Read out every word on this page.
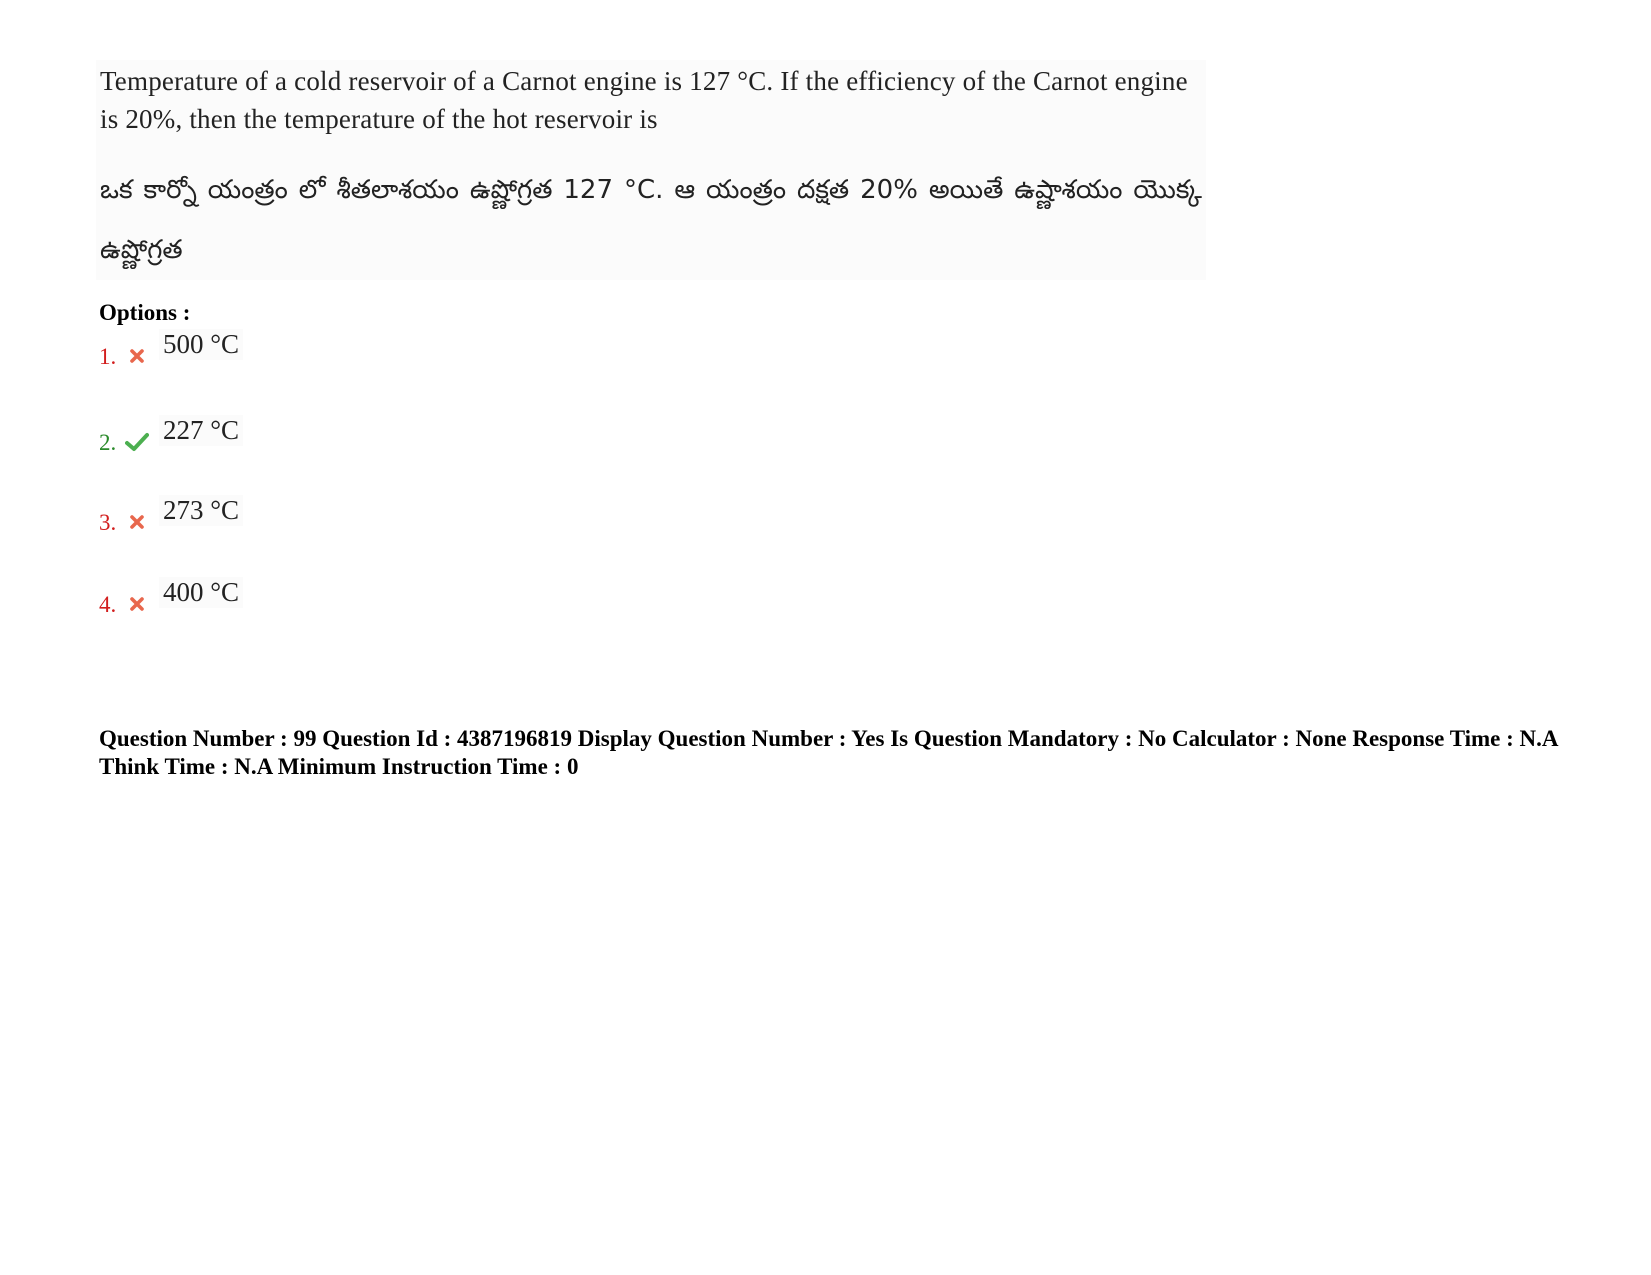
Temperature of a cold reservoir of a Carnot engine is 127 °C. If the efficiency of the Carnot engine is 20%, then the temperature of the hot reservoir is
ఒక కార్నో యంత్రం లో శీతలాశయం ఉష్ణోగ్రత 127 °C. ఆ యంత్రం దక్షత 20% అయితే ఉష్ణాశయం యొక్క ఉష్ణోగ్రత
Options :
1. 500 °C
2. 227 °C
3. 273 °C
4. 400 °C
Question Number : 99 Question Id : 4387196819 Display Question Number : Yes Is Question Mandatory : No Calculator : None Response Time : N.A Think Time : N.A Minimum Instruction Time : 0
